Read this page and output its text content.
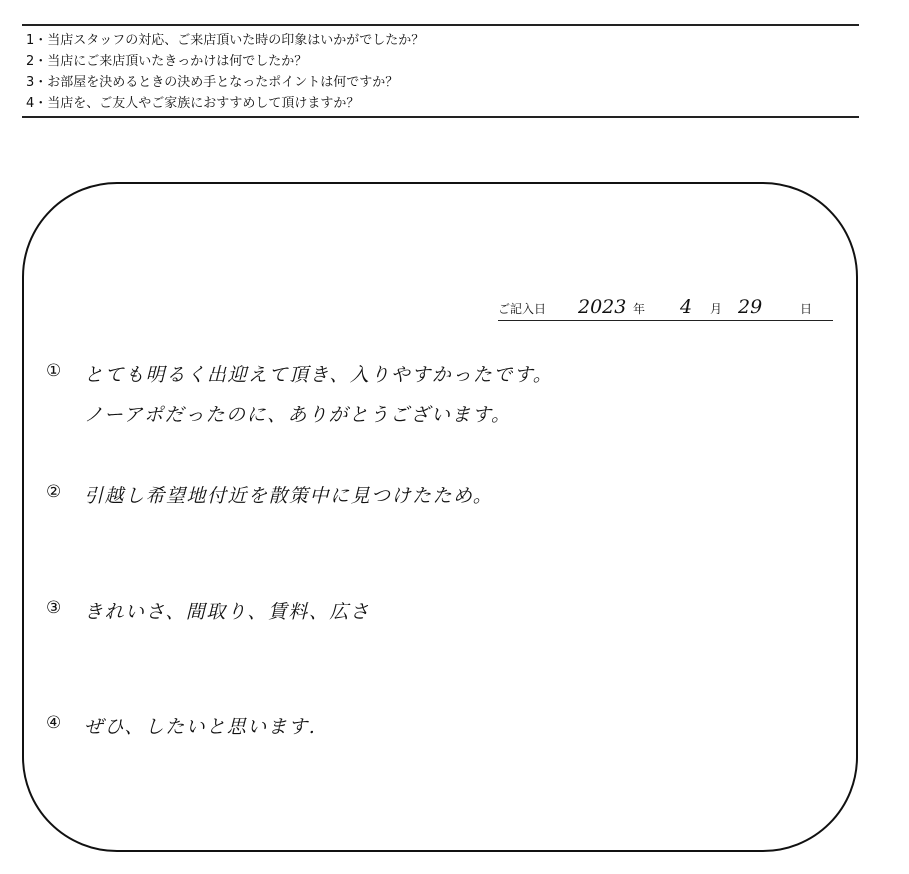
1・当店スタッフの対応、ご来店頂いた時の印象はいかがでしたか？
2・当店にご来店頂いたきっかけは何でしたか？
3・お部屋を決めるときの決め手となったポイントは何ですか？
4・当店を、ご友人やご家族におすすめして頂けますか？
ご記入日 2023 年 4 月 29	日
① とても明るく出迎えて頂き、入りやすかったです。
ノーアポだったのに、ありがとうございます。
② 引越し希望地付近を散策中に見つけたため。
③ きれいさ、間取り、賃料、広さ
④ ぜひ、したいと思います.
